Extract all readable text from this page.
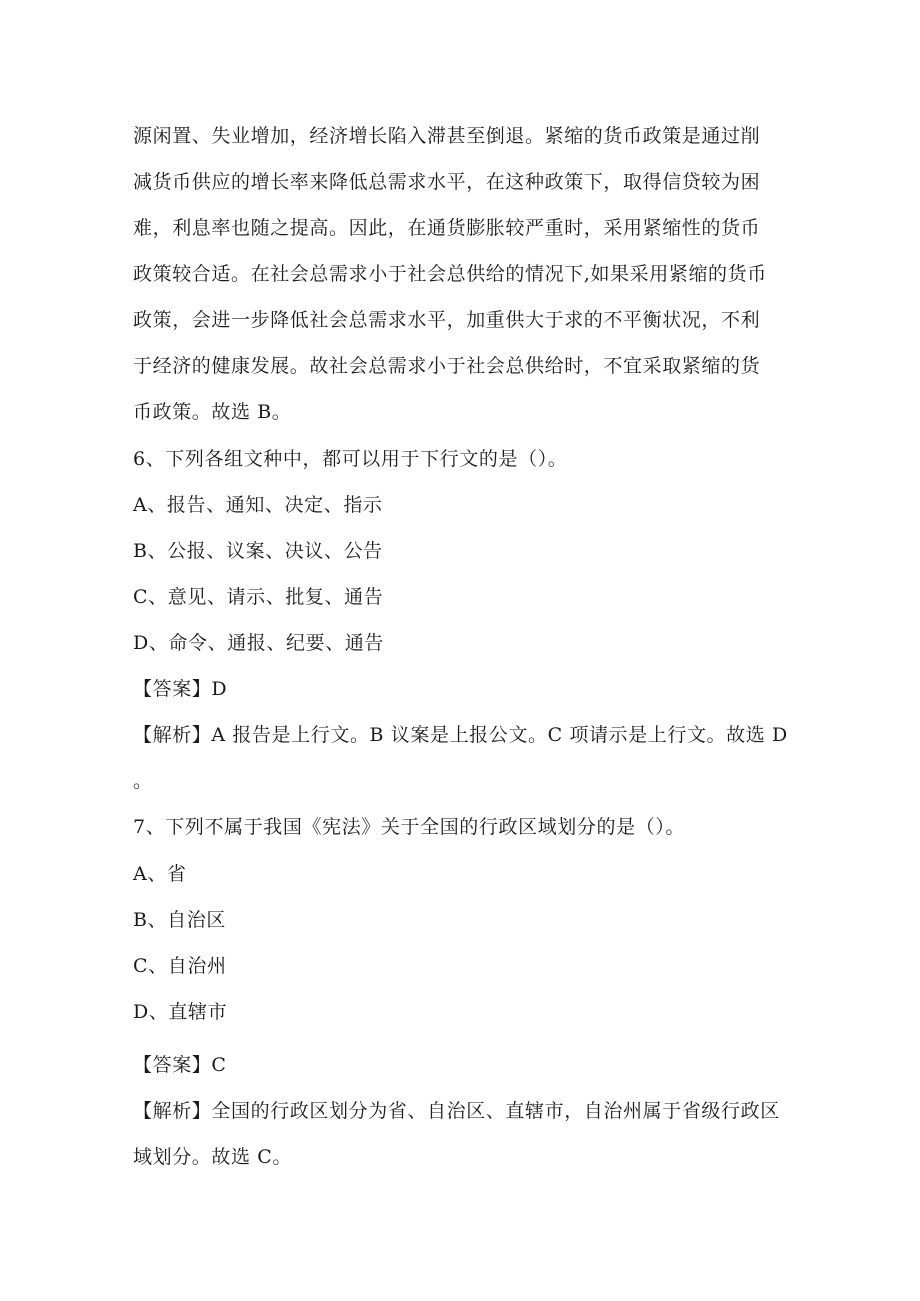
源闲置、失业增加，经济增长陷入滞甚至倒退。紧缩的货币政策是通过削
减货币供应的增长率来降低总需求水平，在这种政策下，取得信贷较为困
难，利息率也随之提高。因此，在通货膨胀较严重时，采用紧缩性的货币
政策较合适。在社会总需求小于社会总供给的情况下,如果采用紧缩的货币
政策，会进一步降低社会总需求水平，加重供大于求的不平衡状况，不利
于经济的健康发展。故社会总需求小于社会总供给时，不宜采取紧缩的货
币政策。故选 B。
6、下列各组文种中，都可以用于下行文的是（）。
A、报告、通知、决定、指示
B、公报、议案、决议、公告
C、意见、请示、批复、通告
D、命令、通报、纪要、通告
【答案】D
【解析】A 报告是上行文。B 议案是上报公文。C 项请示是上行文。故选 D
。
7、下列不属于我国《宪法》关于全国的行政区域划分的是（）。
A、省
B、自治区
C、自治州
D、直辖市
【答案】C
【解析】全国的行政区划分为省、自治区、直辖市，自治州属于省级行政区
域划分。故选 C。
